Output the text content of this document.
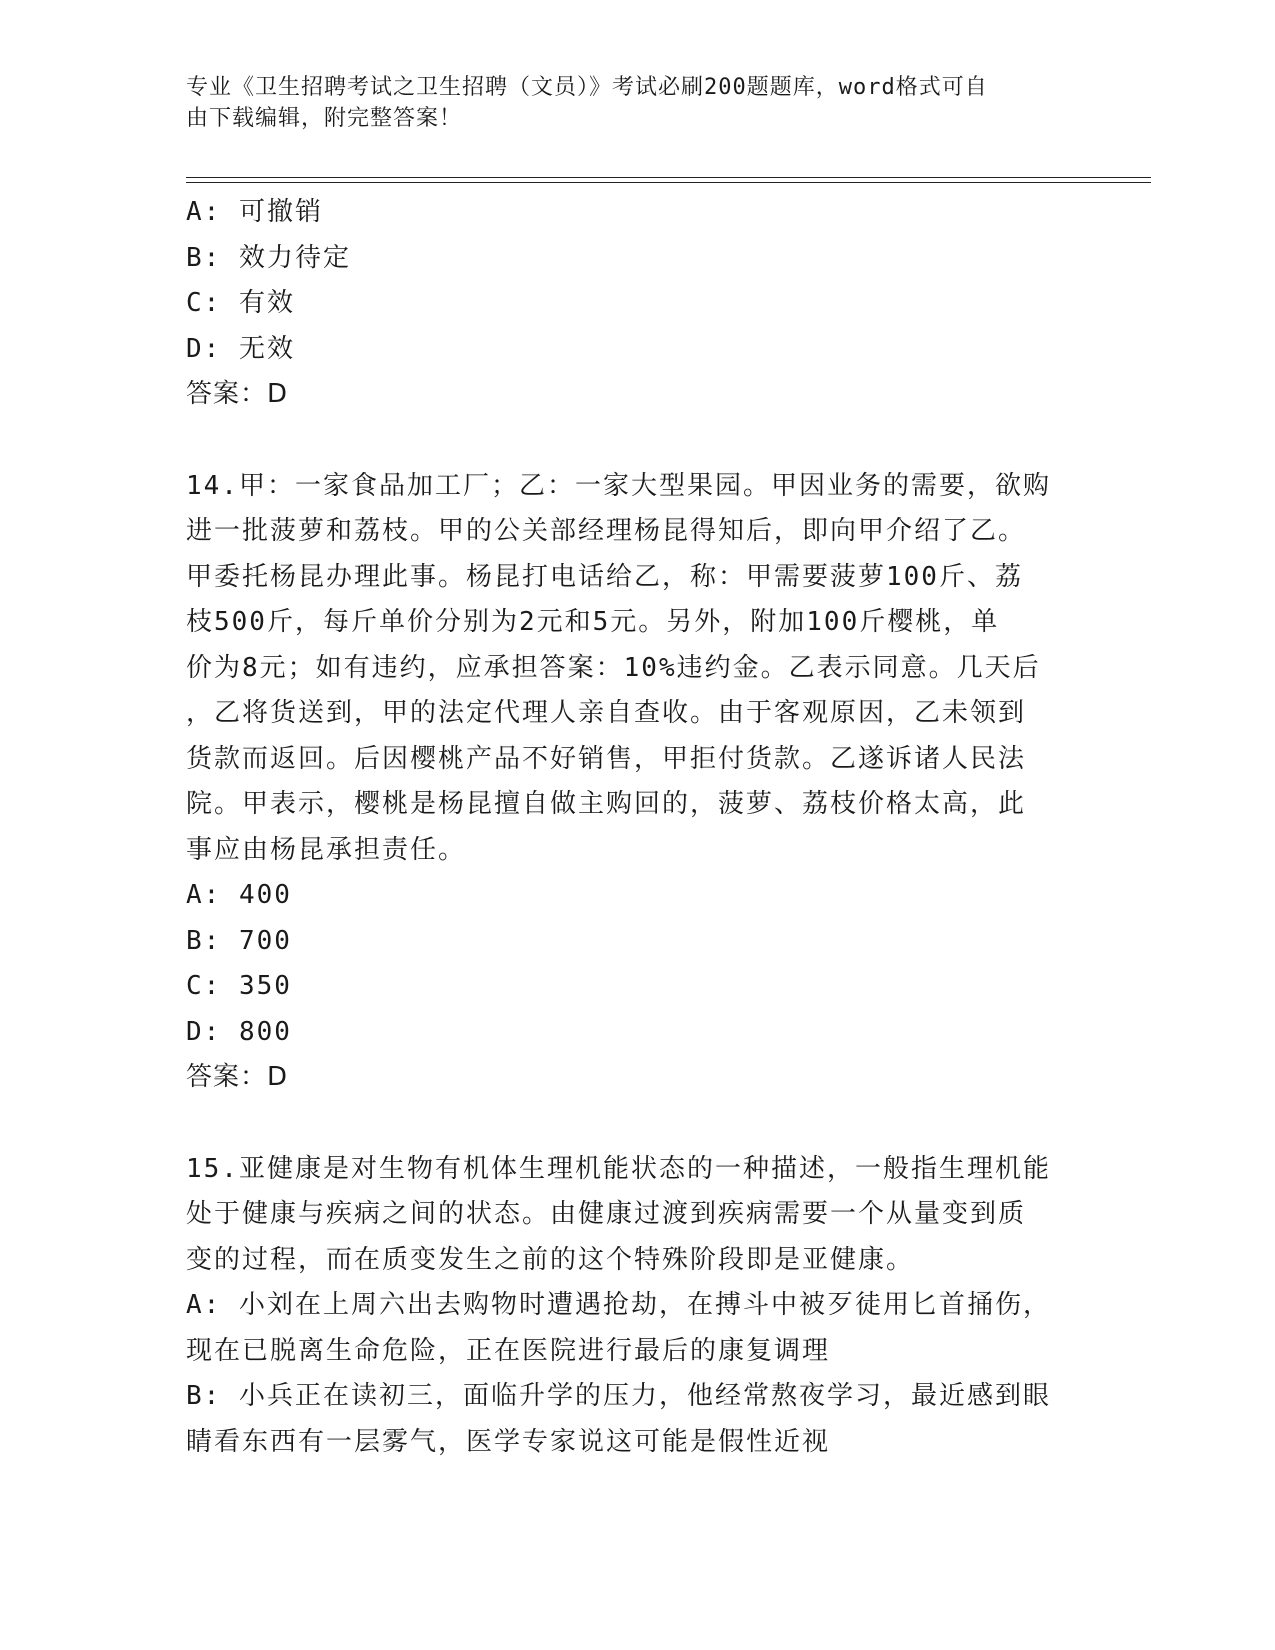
专业《卫生招聘考试之卫生招聘（文员）》考试必刷200题题库，word格式可自
由下载编辑，附完整答案！
A: 可撤销
B: 效力待定
C: 有效
D: 无效
答案：D
14.甲：一家食品加工厂；乙：一家大型果园。甲因业务的需要，欲购
进一批菠萝和荔枝。甲的公关部经理杨昆得知后，即向甲介绍了乙。
甲委托杨昆办理此事。杨昆打电话给乙，称：甲需要菠萝100斤、荔
枝500斤，每斤单价分别为2元和5元。另外，附加100斤樱桃，单
价为8元；如有违约，应承担答案：10%违约金。乙表示同意。几天后
，乙将货送到，甲的法定代理人亲自查收。由于客观原因，乙未领到
货款而返回。后因樱桃产品不好销售，甲拒付货款。乙遂诉诸人民法
院。甲表示，樱桃是杨昆擅自做主购回的，菠萝、荔枝价格太高，此
事应由杨昆承担责任。
A: 400
B: 700
C: 350
D: 800
答案：D
15.亚健康是对生物有机体生理机能状态的一种描述，一般指生理机能
处于健康与疾病之间的状态。由健康过渡到疾病需要一个从量变到质
变的过程，而在质变发生之前的这个特殊阶段即是亚健康。
A: 小刘在上周六出去购物时遭遇抢劫，在搏斗中被歹徒用匕首捅伤，
现在已脱离生命危险，正在医院进行最后的康复调理
B: 小兵正在读初三，面临升学的压力，他经常熬夜学习，最近感到眼
睛看东西有一层雾气，医学专家说这可能是假性近视
